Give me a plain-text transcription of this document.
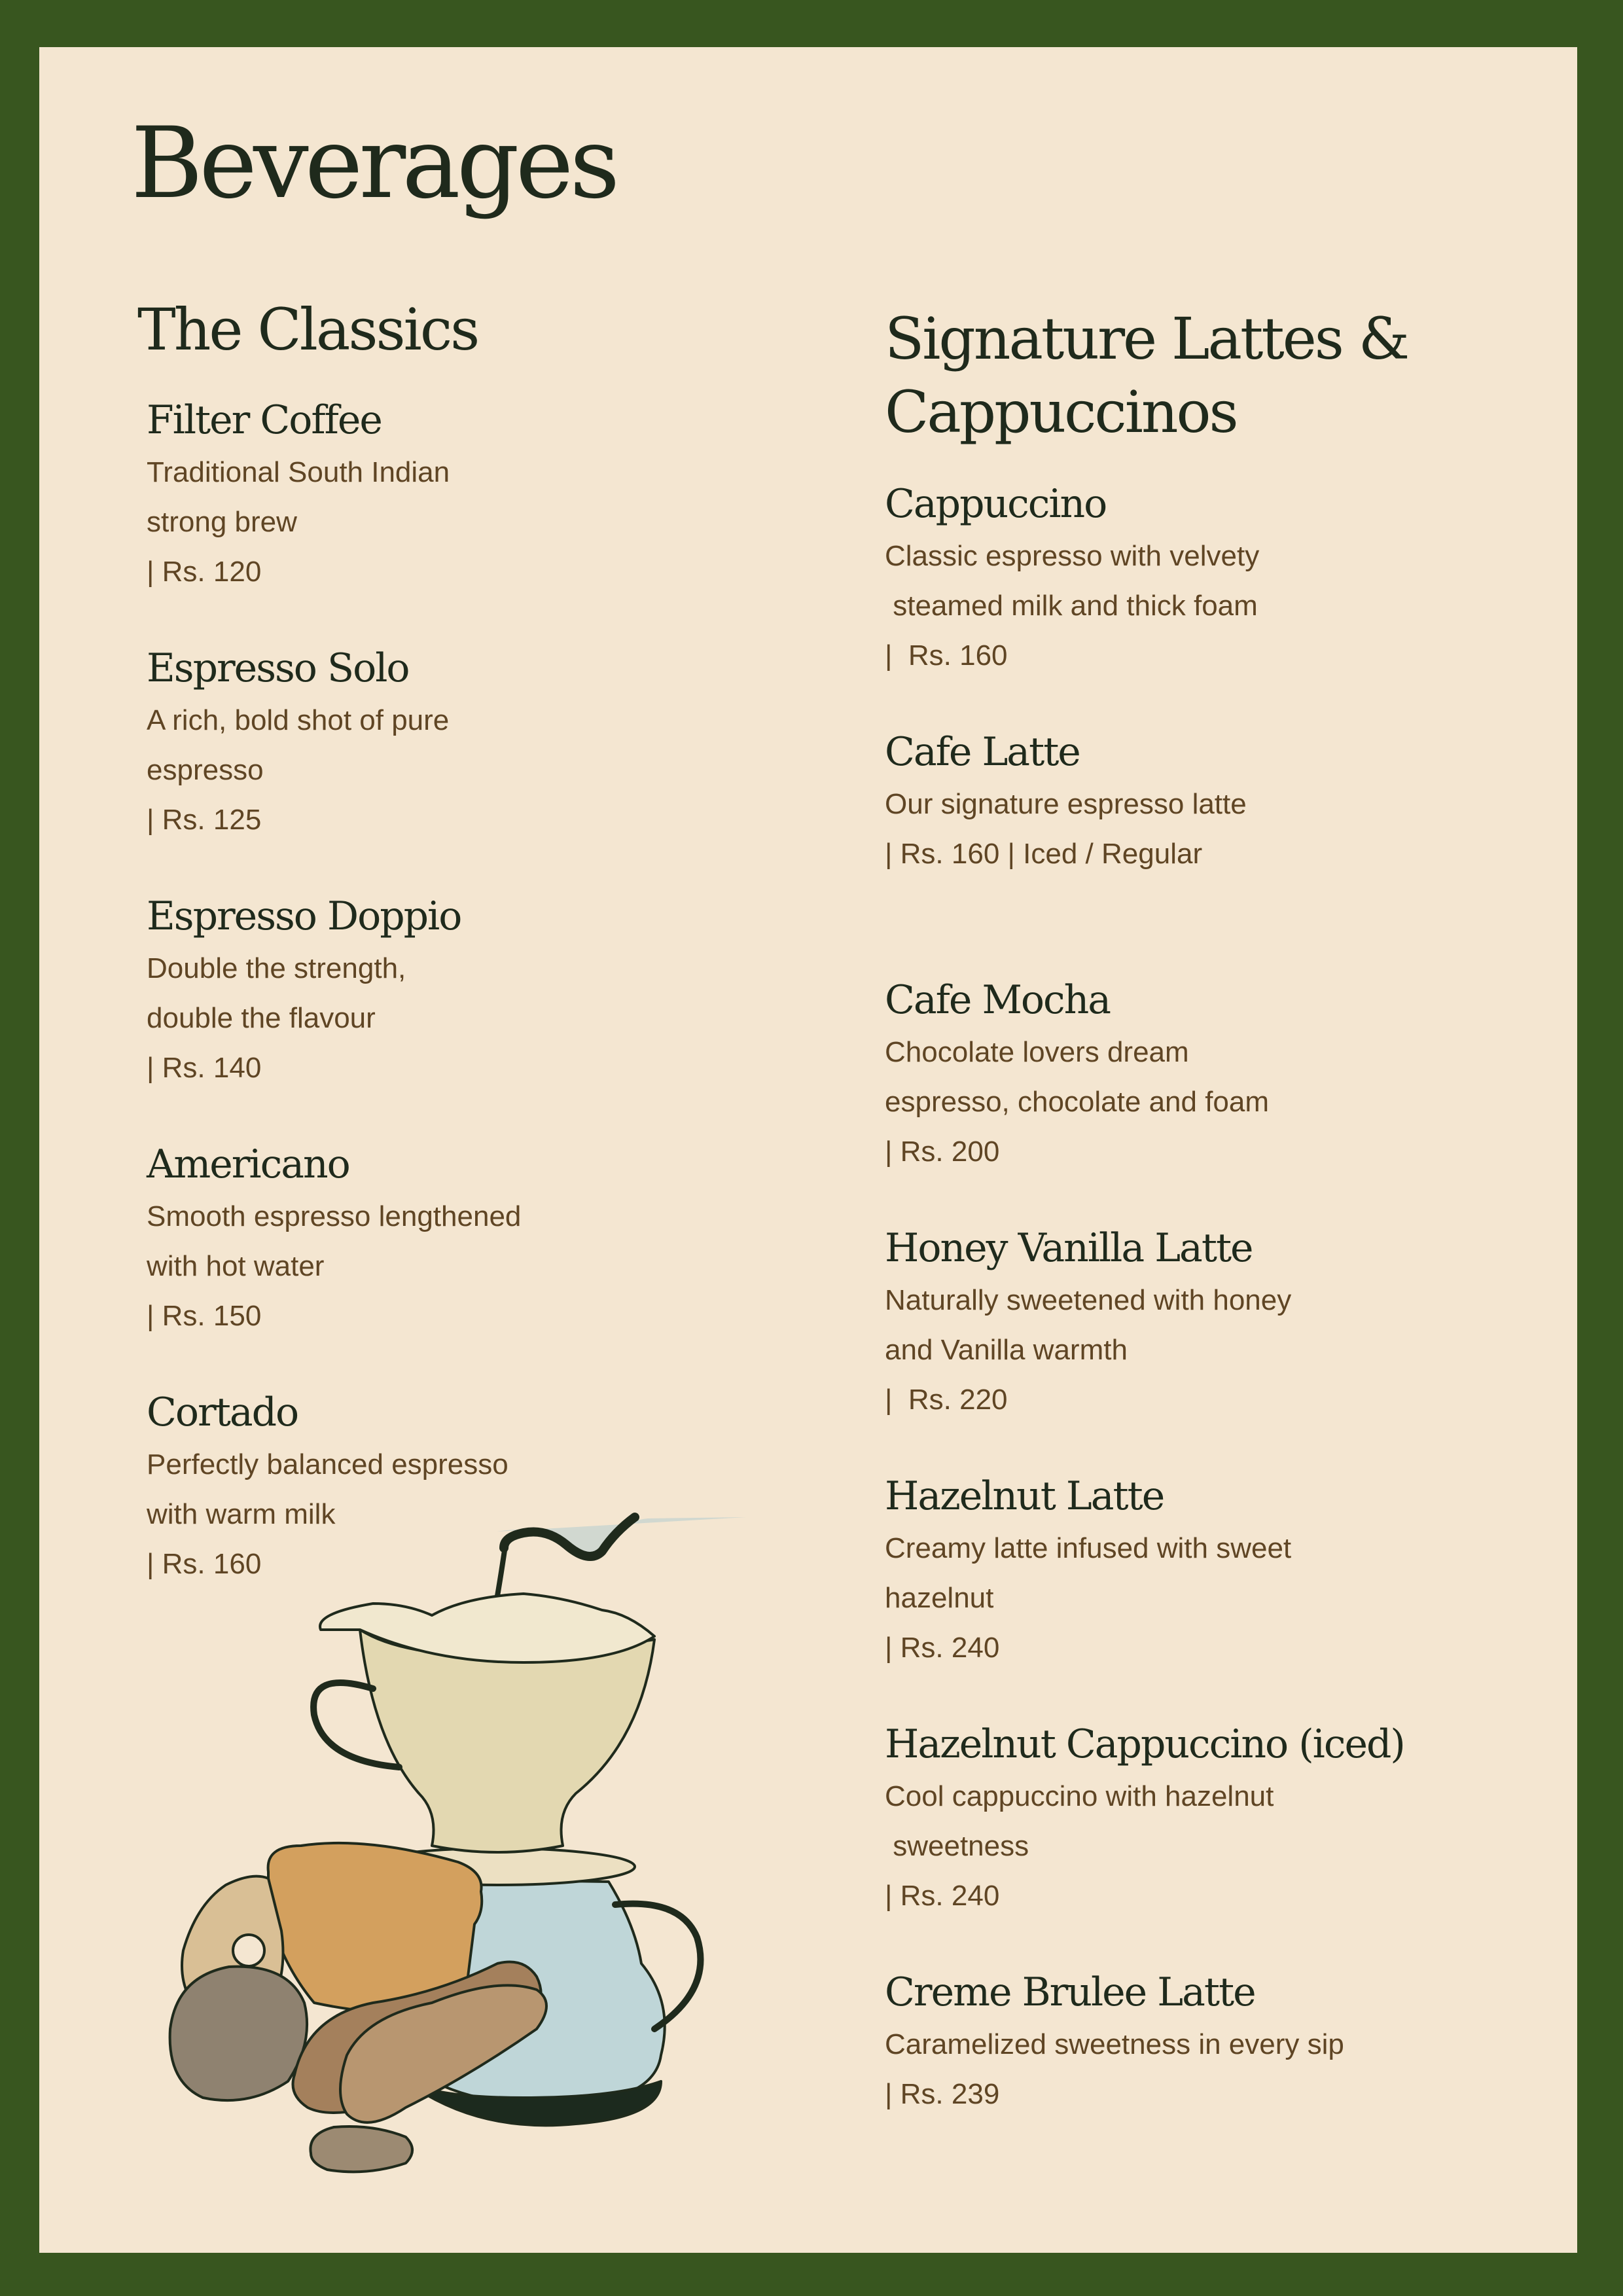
Beverages
The Classics	Signature Lattes &
Cappuccinos
Filter Coffee
Traditional South Indian
strong brew
| Rs. 120
Espresso Solo
A rich, bold shot of pure
espresso
| Rs. 125
Espresso Doppio
Double the strength,
double the flavour
| Rs. 140
Americano
Smooth espresso lengthened
with hot water
| Rs. 150
Cortado
Perfectly balanced espresso
with warm milk
| Rs. 160
Cappuccino
Classic espresso with velvety
steamed milk and thick foam
|  Rs. 160
Cafe Latte
Our signature espresso latte
| Rs. 160 | Iced / Regular
Cafe Mocha
Chocolate lovers dream
espresso, chocolate and foam
| Rs. 200
Honey Vanilla Latte
Naturally sweetened with honey
and Vanilla warmth
|  Rs. 220
Hazelnut Latte
Creamy latte infused with sweet
hazelnut
| Rs. 240
Hazelnut Cappuccino (iced)
Cool cappuccino with hazelnut
sweetness
| Rs. 240
Creme Brulee Latte
Caramelized sweetness in every sip
| Rs. 239
